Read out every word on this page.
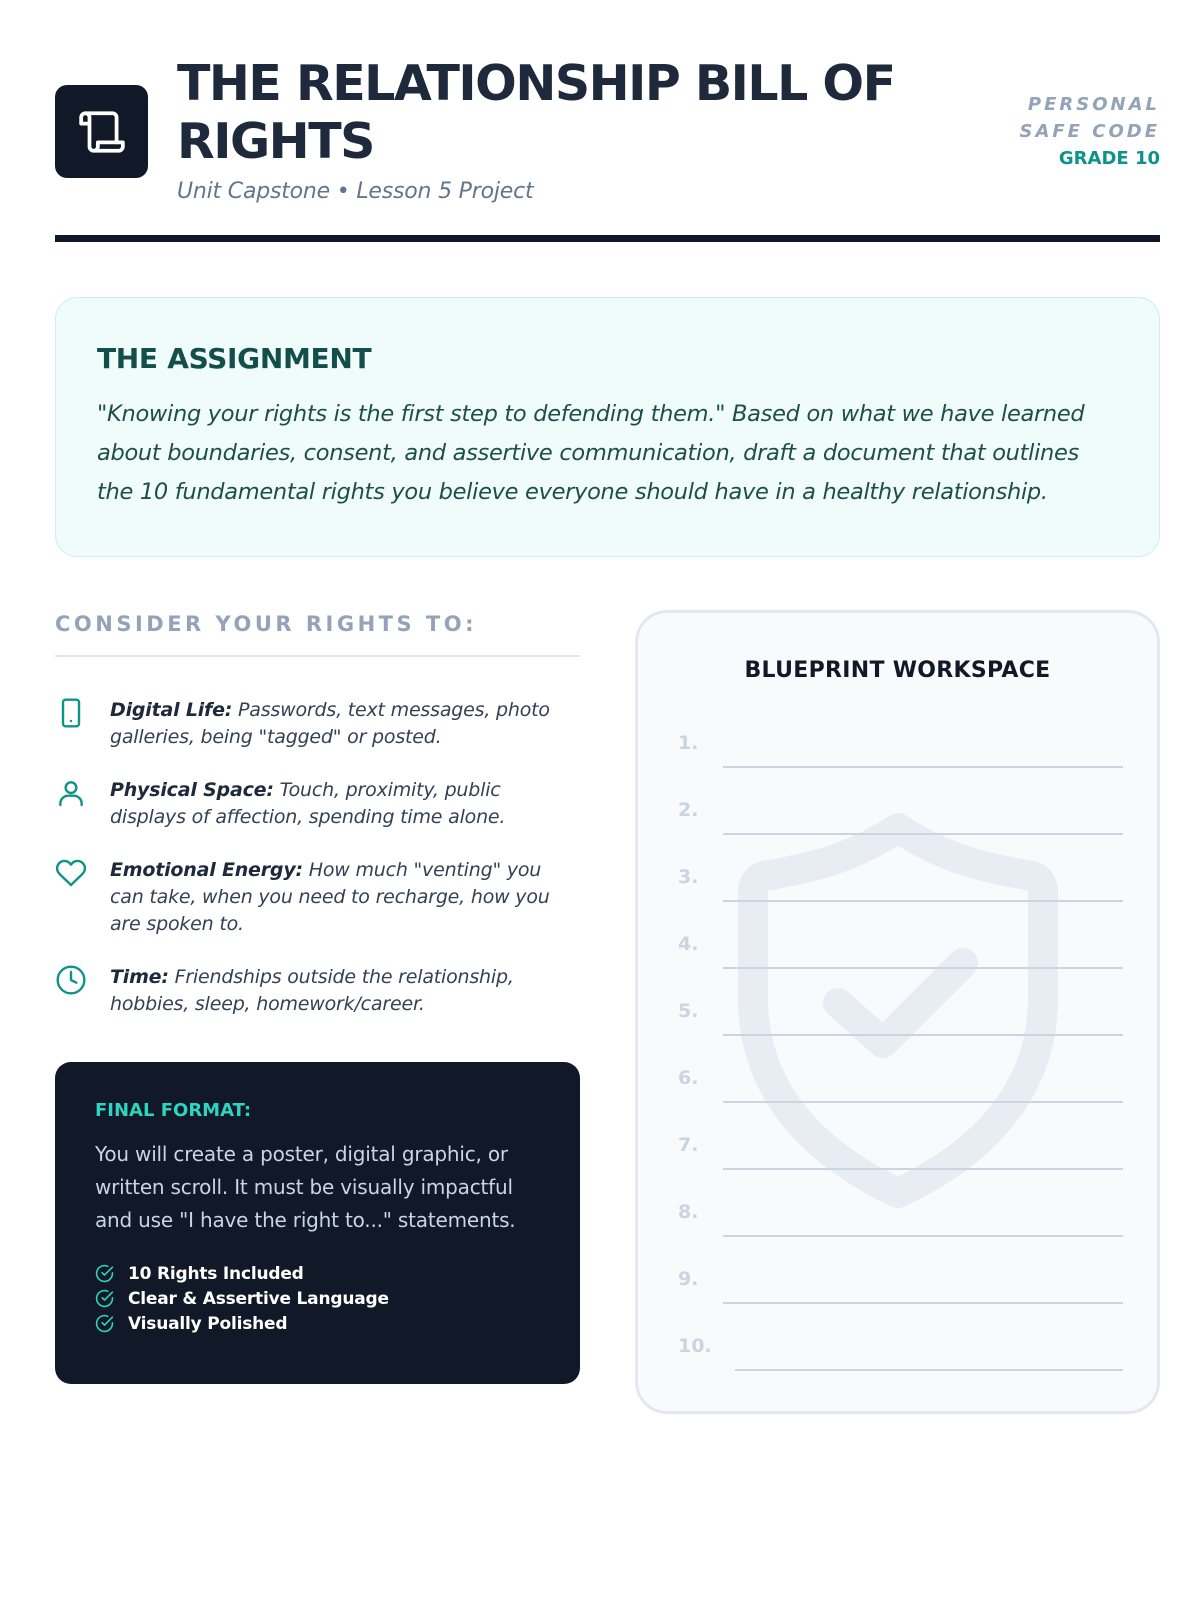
THE RELATIONSHIP BILL OF RIGHTS
Unit Capstone • Lesson 5 Project
PERSONAL SAFE CODE
GRADE 10
THE ASSIGNMENT

"Knowing your rights is the first step to defending them." Based on what we have learned about boundaries, consent, and assertive communication, draft a document that outlines the 10 fundamental rights you believe everyone should have in a healthy relationship.

CONSIDER YOUR RIGHTS TO:
Digital Life: Passwords, text messages, photo galleries, being "tagged" or posted.
Physical Space: Touch, proximity, public displays of affection, spending time alone.
Emotional Energy: How much "venting" you can take, when you need to recharge, how you are spoken to.
Time: Friendships outside the relationship, hobbies, sleep, homework/career.
FINAL FORMAT:

You will create a poster, digital graphic, or written scroll. It must be visually impactful and use "I have the right to..." statements.

10 Rights Included
Clear & Assertive Language
Visually Polished
BLUEPRINT WORKSPACE
1.
2.
3.
4.
5.
6.
7.
8.
9.
10.
